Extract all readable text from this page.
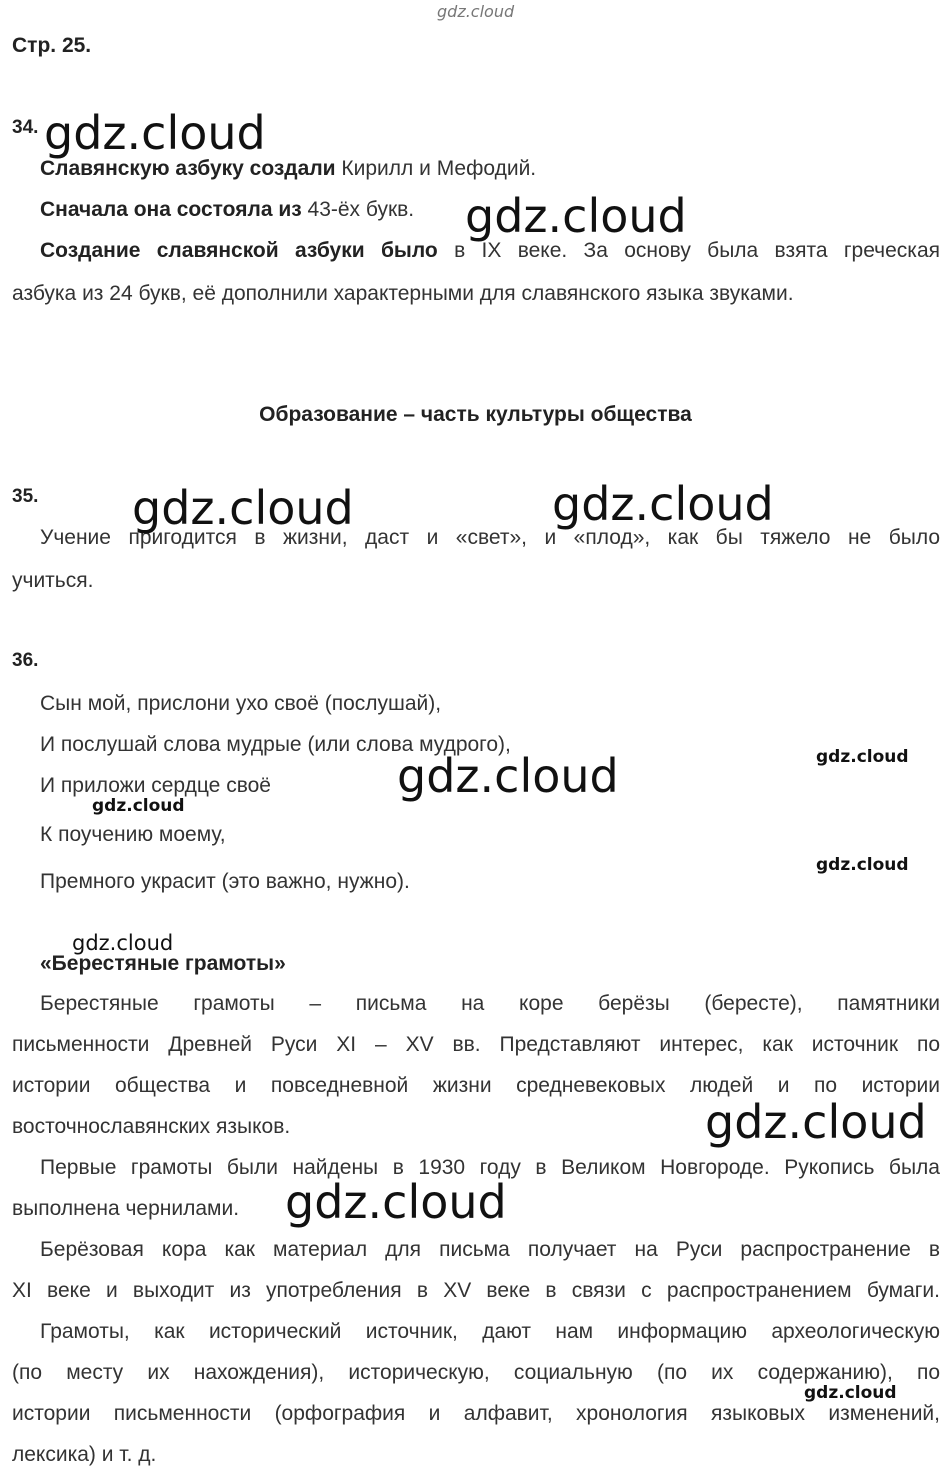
gdz.cloud
Стр. 25.
34.
Славянскую азбуку создали Кирилл и Мефодий.
Сначала она состояла из 43-ёх букв.
Создание славянской азбуки было в IX веке. За основу была взята греческая
азбука из 24 букв, её дополнили характерными для славянского языка звуками.
Образование – часть культуры общества
35.
Учение пригодится в жизни, даст и «свет», и «плод», как бы тяжело не было
учиться.
36.
Сын мой, прислони ухо своё (послушай),
И послушай слова мудрые (или слова мудрого),
И приложи сердце своё
К поучению моему,
Премного украсит (это важно, нужно).
«Берестяные грамоты»
Берестяные грамоты – письма на коре берёзы (бересте), памятники
письменности Древней Руси XI – XV вв. Представляют интерес, как источник по
истории общества и повседневной жизни средневековых людей и по истории
восточнославянских языков.
Первые грамоты были найдены в 1930 году в Великом Новгороде. Рукопись была
выполнена чернилами.
Берёзовая кора как материал для письма получает на Руси распространение в
XI веке и выходит из употребления в XV веке в связи с распространением бумаги.
Грамоты, как исторический источник, дают нам информацию археологическую
(по месту их нахождения), историческую, социальную (по их содержанию), по
истории письменности (орфография и алфавит, хронология языковых изменений,
лексика) и т. д.
gdz.cloud
gdz.cloud
gdz.cloud	gdz.cloud
gdz.cloud
gdz.cloud
gdz.cloud
gdz.cloud
gdz.cloud
gdz.cloud
gdz.cloud
gdz.cloud
